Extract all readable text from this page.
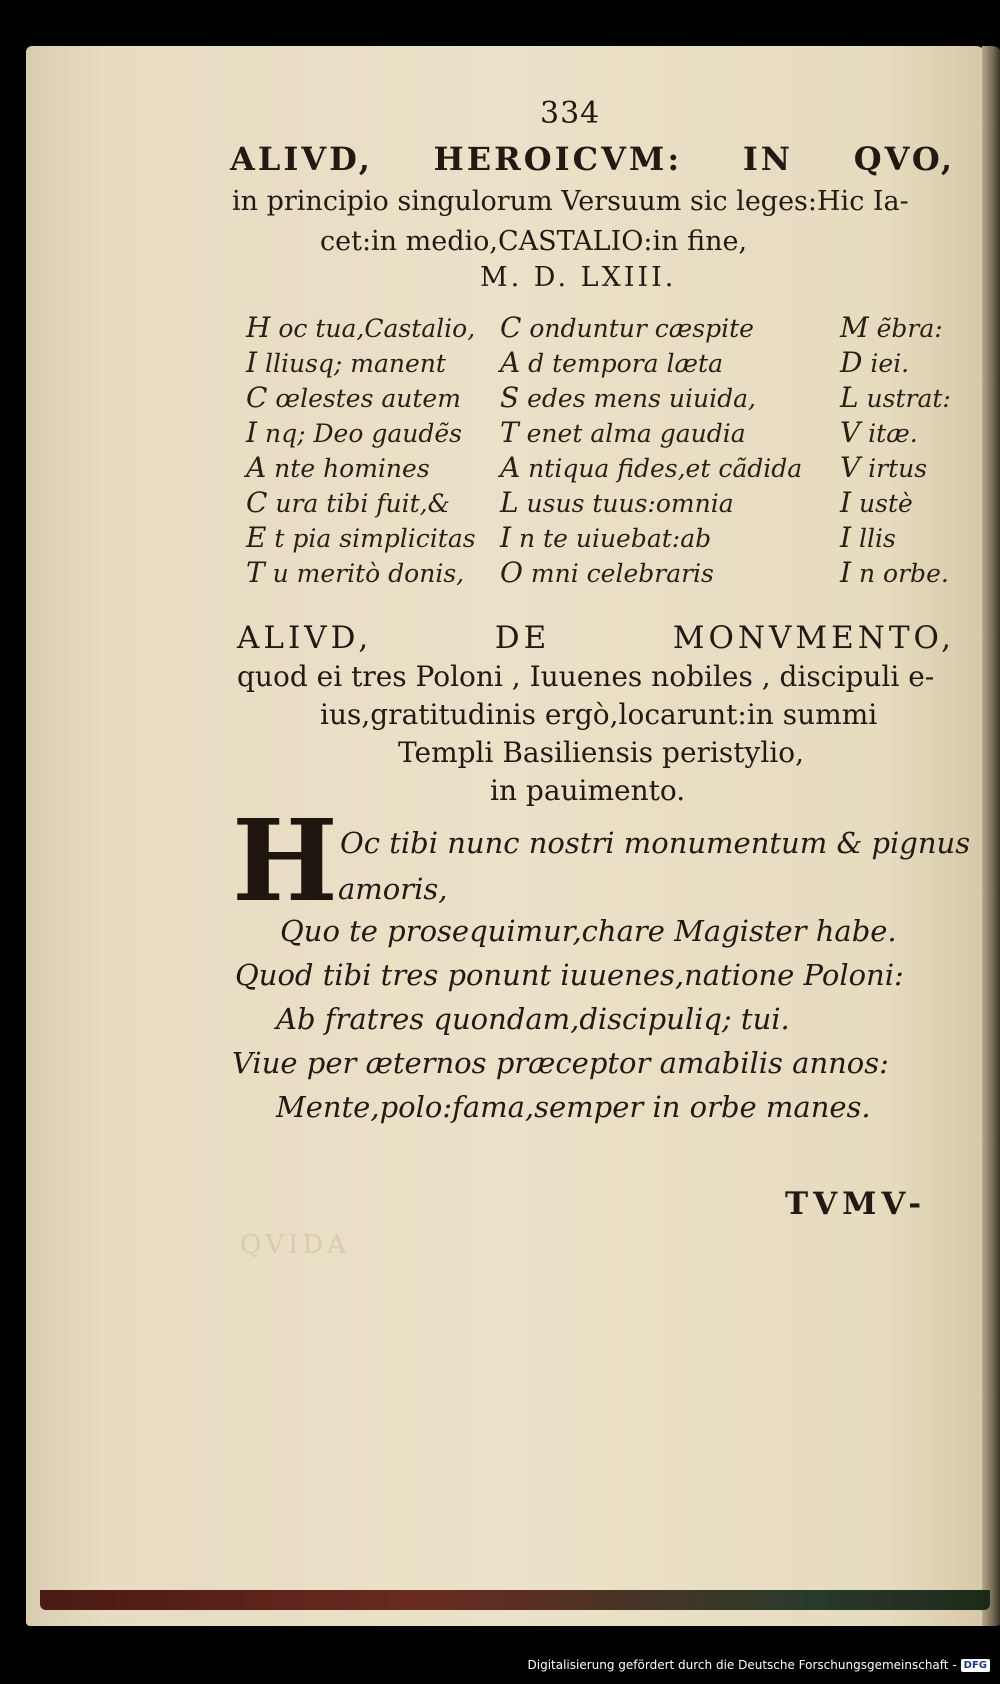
334
ALIVD, HEROICVM: IN QVO,
in principio singulorum Versuum sic leges:Hic Ia-
cet:in medio,CASTALIO:in fine,
M. D. LXIII.
H oc tua,Castalio,
I lliusq; manent
C œlestes autem
I nq; Deo gaudẽs
A nte homines
C ura tibi fuit,&
E t pia simplicitas
T u meritò donis,
C onduntur cæspite
A d tempora læta
S edes mens uiuida,
T enet alma gaudia
A ntiqua fides,et cãdida
L usus tuus:omnia
I n te uiuebat:ab
O mni celebraris
M ẽbra:
D iei.
L ustrat:
V itæ.
V irtus
I ustè
I llis
I n orbe.
ALIVD,	DE	MONVMENTO,
quod ei tres Poloni , Iuuenes nobiles , discipuli e-
ius,gratitudinis ergò,locarunt:in summi
Templi Basiliensis peristylio,
in pauimento.
H Oc tibi nunc nostri monumentum & pignus
amoris,
Quo te prosequimur,chare Magister habe.
Quod tibi tres ponunt iuuenes,natione Poloni:
Ab fratres quondam,discipuliq; tui.
Viue per æternos præceptor amabilis annos:
Mente,polo:fama,semper in orbe manes.
TVMV-
QVIDA
Digitalisierung gefördert durch die Deutsche Forschungsgemeinschaft - DFG
